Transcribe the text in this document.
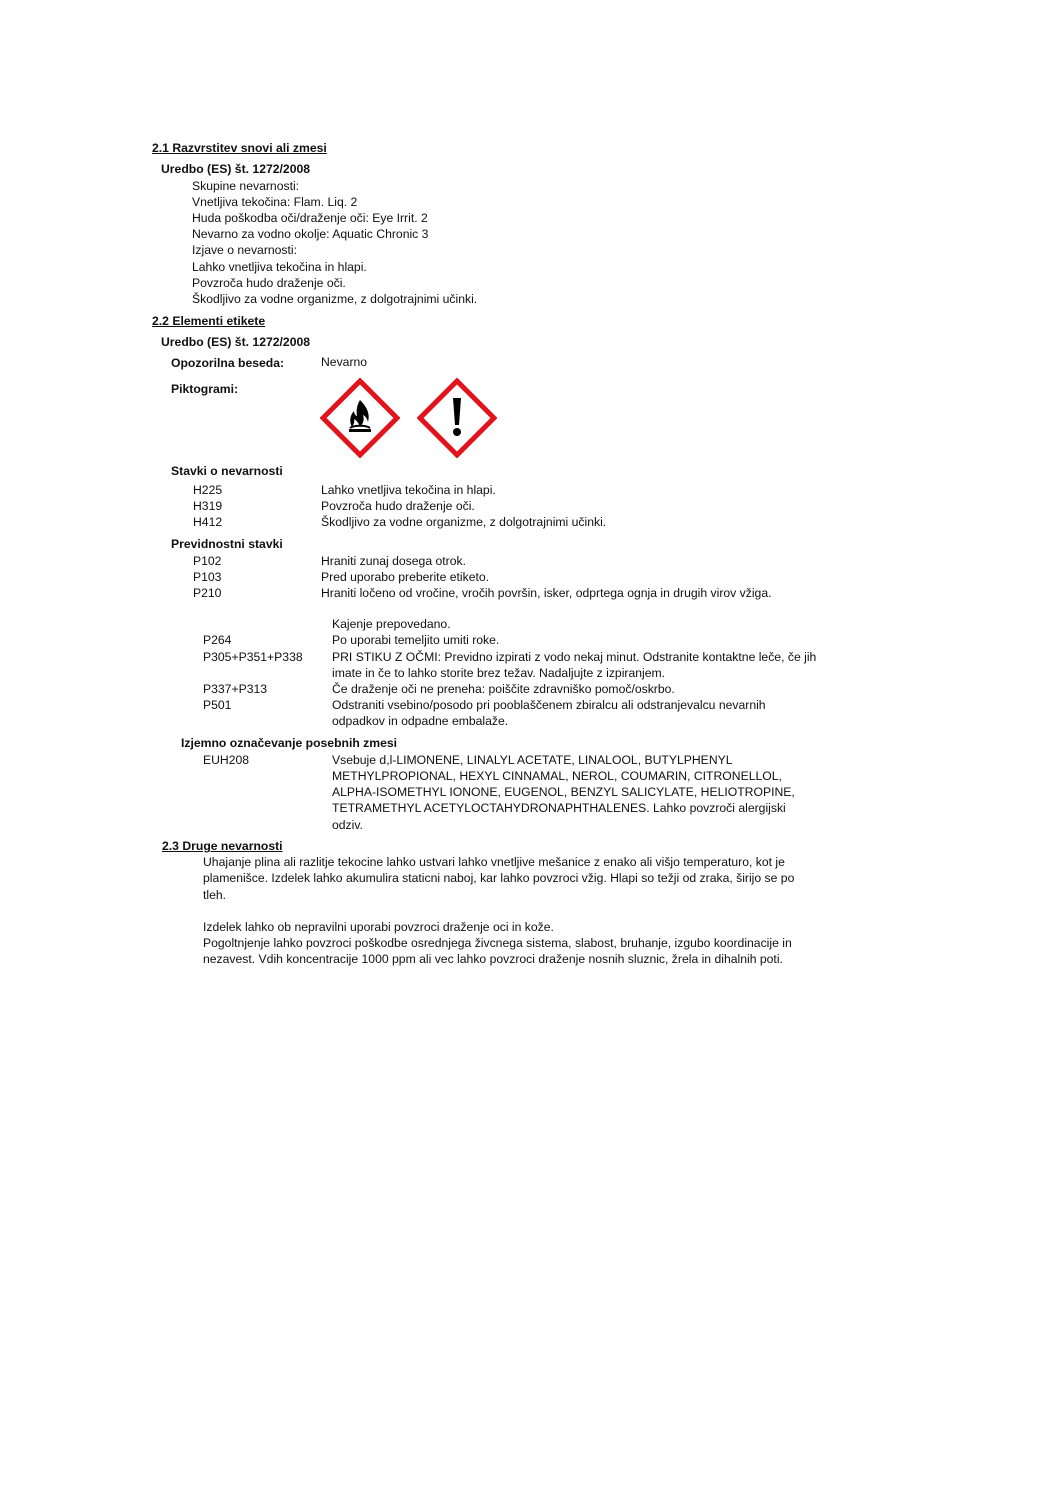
2.1 Razvrstitev snovi ali zmesi
Uredbo (ES) št. 1272/2008
Skupine nevarnosti:
Vnetljiva tekočina: Flam. Liq. 2
Huda poškodba oči/draženje oči: Eye Irrit. 2
Nevarno za vodno okolje: Aquatic Chronic 3
Izjave o nevarnosti:
Lahko vnetljiva tekočina in hlapi.
Povzroča hudo draženje oči.
Škodljivo za vodne organizme, z dolgotrajnimi učinki.
2.2 Elementi etikete
Uredbo (ES) št. 1272/2008
Opozorilna beseda:	Nevarno
Piktogrami:
Stavki o nevarnosti
H225	Lahko vnetljiva tekočina in hlapi.
H319	Povzroča hudo draženje oči.
H412	Škodljivo za vodne organizme, z dolgotrajnimi učinki.
Previdnostni stavki
P102	Hraniti zunaj dosega otrok.
P103	Pred uporabo preberite etiketo.
P210	Hraniti ločeno od vročine, vročih površin, isker, odprtega ognja in drugih virov vžiga.
Kajenje prepovedano.
P264	Po uporabi temeljito umiti roke.
P305+P351+P338 PRI STIKU Z OČMI: Previdno izpirati z vodo nekaj minut. Odstranite kontaktne leče, če jih
imate in če to lahko storite brez težav. Nadaljujte z izpiranjem.
P337+P313	Če draženje oči ne preneha: poiščite zdravniško pomoč/oskrbo.
P501	Odstraniti vsebino/posodo pri pooblaščenem zbiralcu ali odstranjevalcu nevarnih
odpadkov in odpadne embalaže.
Izjemno označevanje posebnih zmesi
EUH208	Vsebuje d,l-LIMONENE, LINALYL ACETATE, LINALOOL, BUTYLPHENYL
METHYLPROPIONAL, HEXYL CINNAMAL, NEROL, COUMARIN, CITRONELLOL,
ALPHA-ISOMETHYL IONONE, EUGENOL, BENZYL SALICYLATE, HELIOTROPINE,
TETRAMETHYL ACETYLOCTAHYDRONAPHTHALENES. Lahko povzroči alergijski
odziv.
2.3 Druge nevarnosti
Uhajanje plina ali razlitje tekocine lahko ustvari lahko vnetljive mešanice z enako ali višjo temperaturo, kot je
plamenišce. Izdelek lahko akumulira staticni naboj, kar lahko povzroci vžig. Hlapi so težji od zraka, širijo se po
tleh.
Izdelek lahko ob nepravilni uporabi povzroci draženje oci in kože.
Pogoltnjenje lahko povzroci poškodbe osrednjega živcnega sistema, slabost, bruhanje, izgubo koordinacije in
nezavest. Vdih koncentracije 1000 ppm ali vec lahko povzroci draženje nosnih sluznic, žrela in dihalnih poti.
